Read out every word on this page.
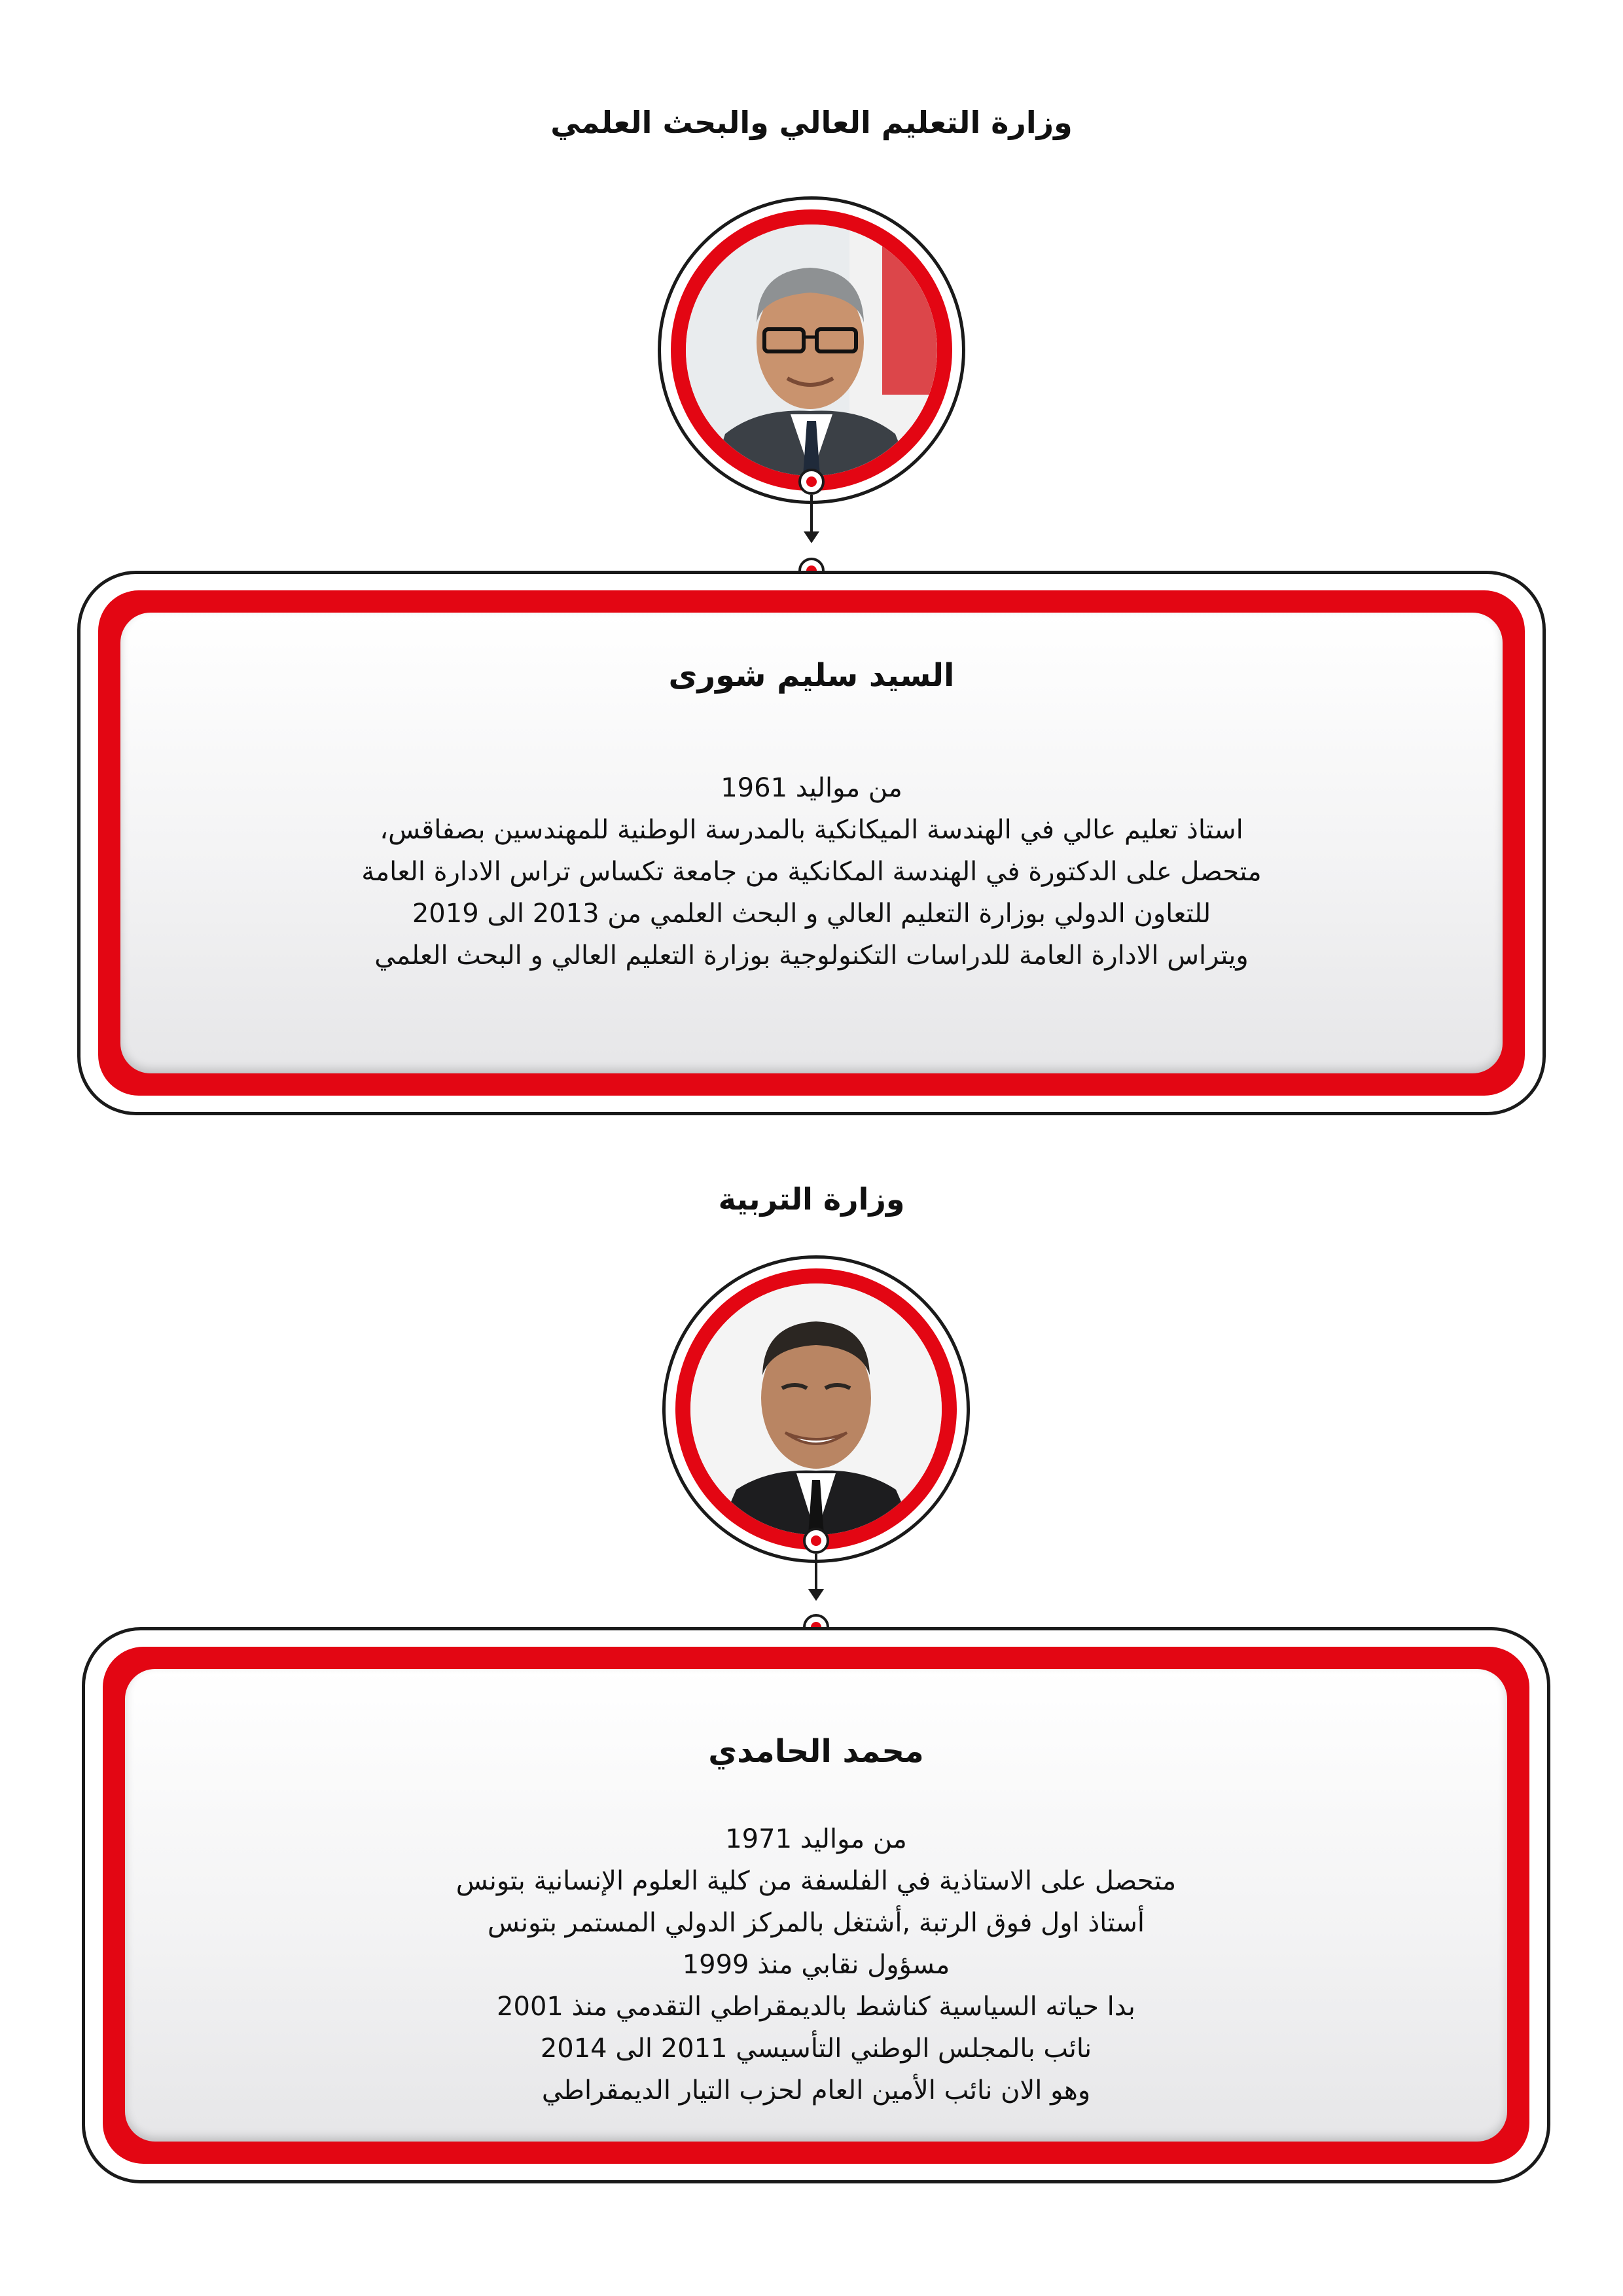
وزارة التعليم العالي والبحث العلمي
السيد سليم شورى
من مواليد 1961
استاذ تعليم عالي في الهندسة الميكانكية بالمدرسة الوطنية للمهندسين بصفاقس،
متحصل على الدكتورة في الهندسة المكانكية من جامعة تكساس تراس الادارة العامة
للتعاون الدولي بوزارة التعليم العالي و البحث العلمي من 2013 الى 2019
ويتراس الادارة العامة للدراسات التكنولوجية بوزارة التعليم العالي و البحث العلمي
وزارة التربية
محمد الحامدي
من مواليد 1971
متحصل على الاستاذية في الفلسفة من كلية العلوم الإنسانية بتونس
أستاذ اول فوق الرتبة ,أشتغل بالمركز الدولي المستمر بتونس
مسؤول نقابي منذ 1999
بدا حياته السياسية كناشط بالديمقراطي التقدمي منذ 2001
نائب بالمجلس الوطني التأسيسي 2011 الى 2014
وهو الان نائب الأمين العام لحزب التيار الديمقراطي
